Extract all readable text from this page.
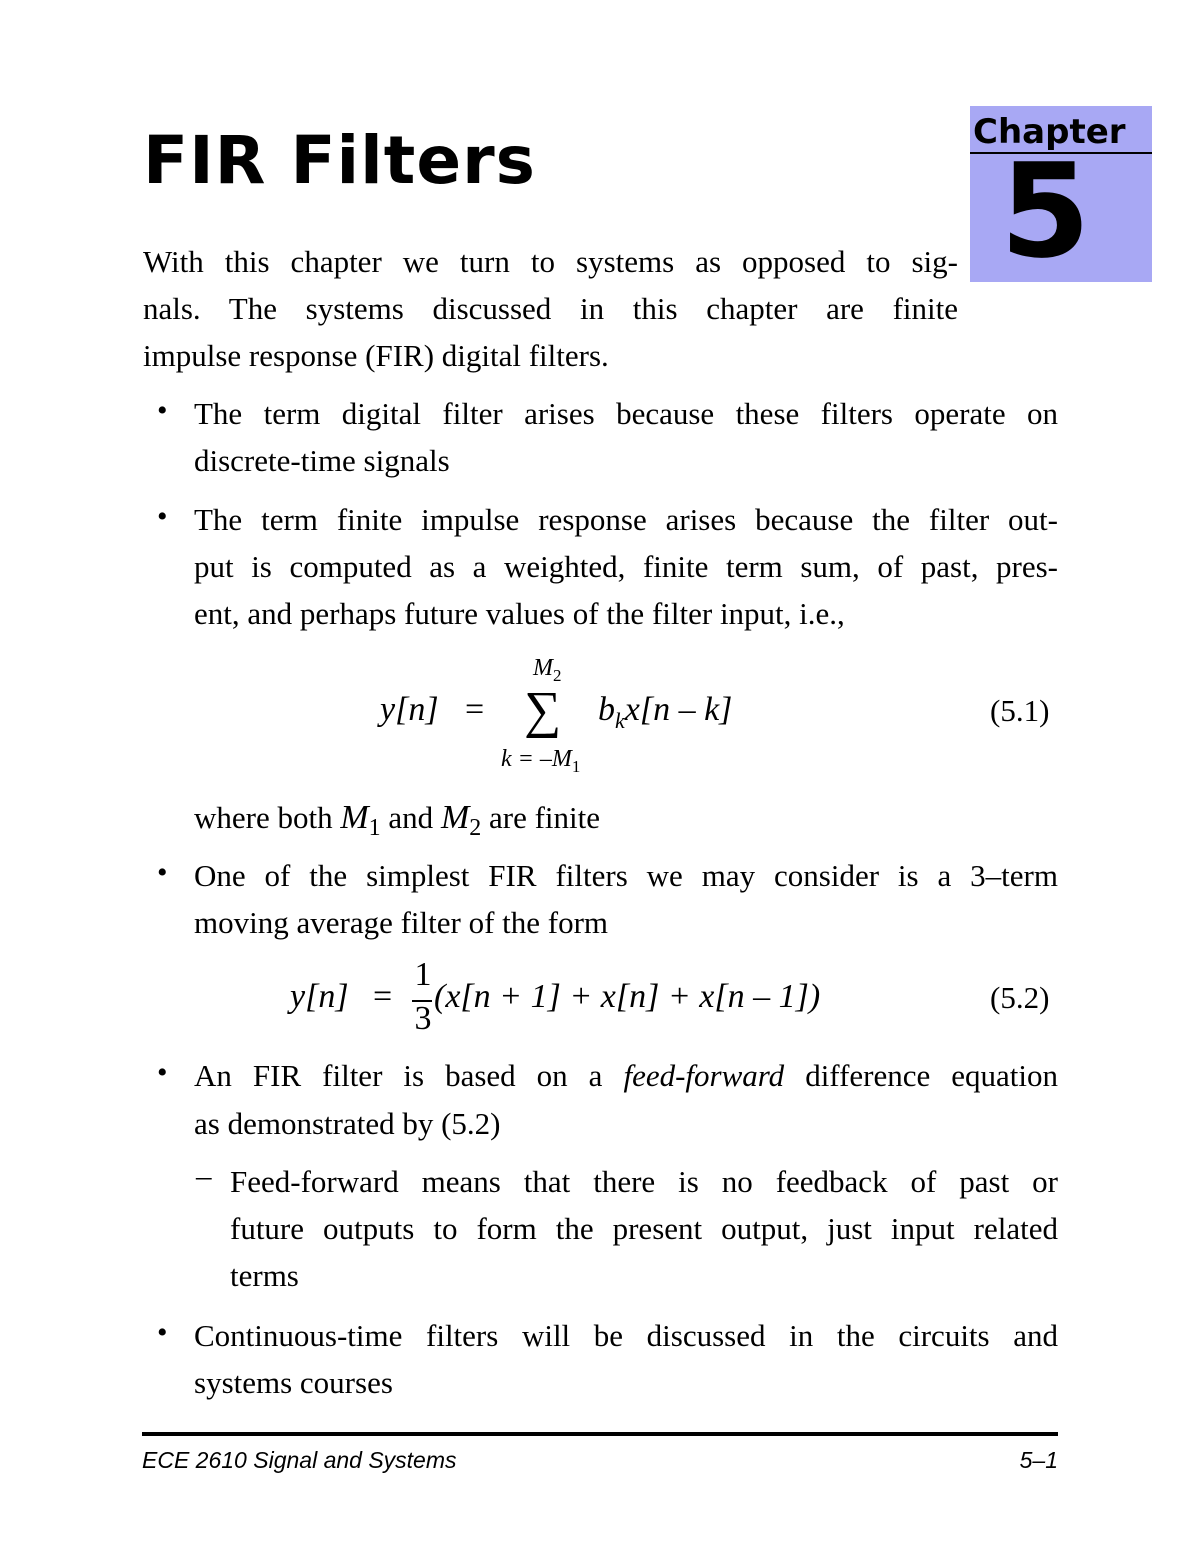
FIR Filters	Chapter
5
With this chapter we turn to systems as opposed to sig-
nals. The systems discussed in this chapter are finite
impulse response (FIR) digital filters.
• The term digital filter arises because these filters operate on
discrete-time signals
• The term finite impulse response arises because the filter out-
put is computed as a weighted, finite term sum, of past, pres-
ent, and perhaps future values of the filter input, i.e.,
y[n] =
$M_2$
∑ $b_kx[n - k]$
$k = -M_1$
(5.1)
where both $M_1$ and $M_2$ are finite
• One of the simplest FIR filters we may consider is a 3–term
moving average filter of the form
y[n] =
1
3
(x[n + 1] + x[n] + x[n – 1])	(5.2)
• An FIR filter is based on a feed-forward difference equation
as demonstrated by (5.2)
– Feed-forward means that there is no feedback of past or
future outputs to form the present output, just input related
terms
• Continuous-time filters will be discussed in the circuits and
systems courses
ECE 2610 Signal and Systems	5–1
